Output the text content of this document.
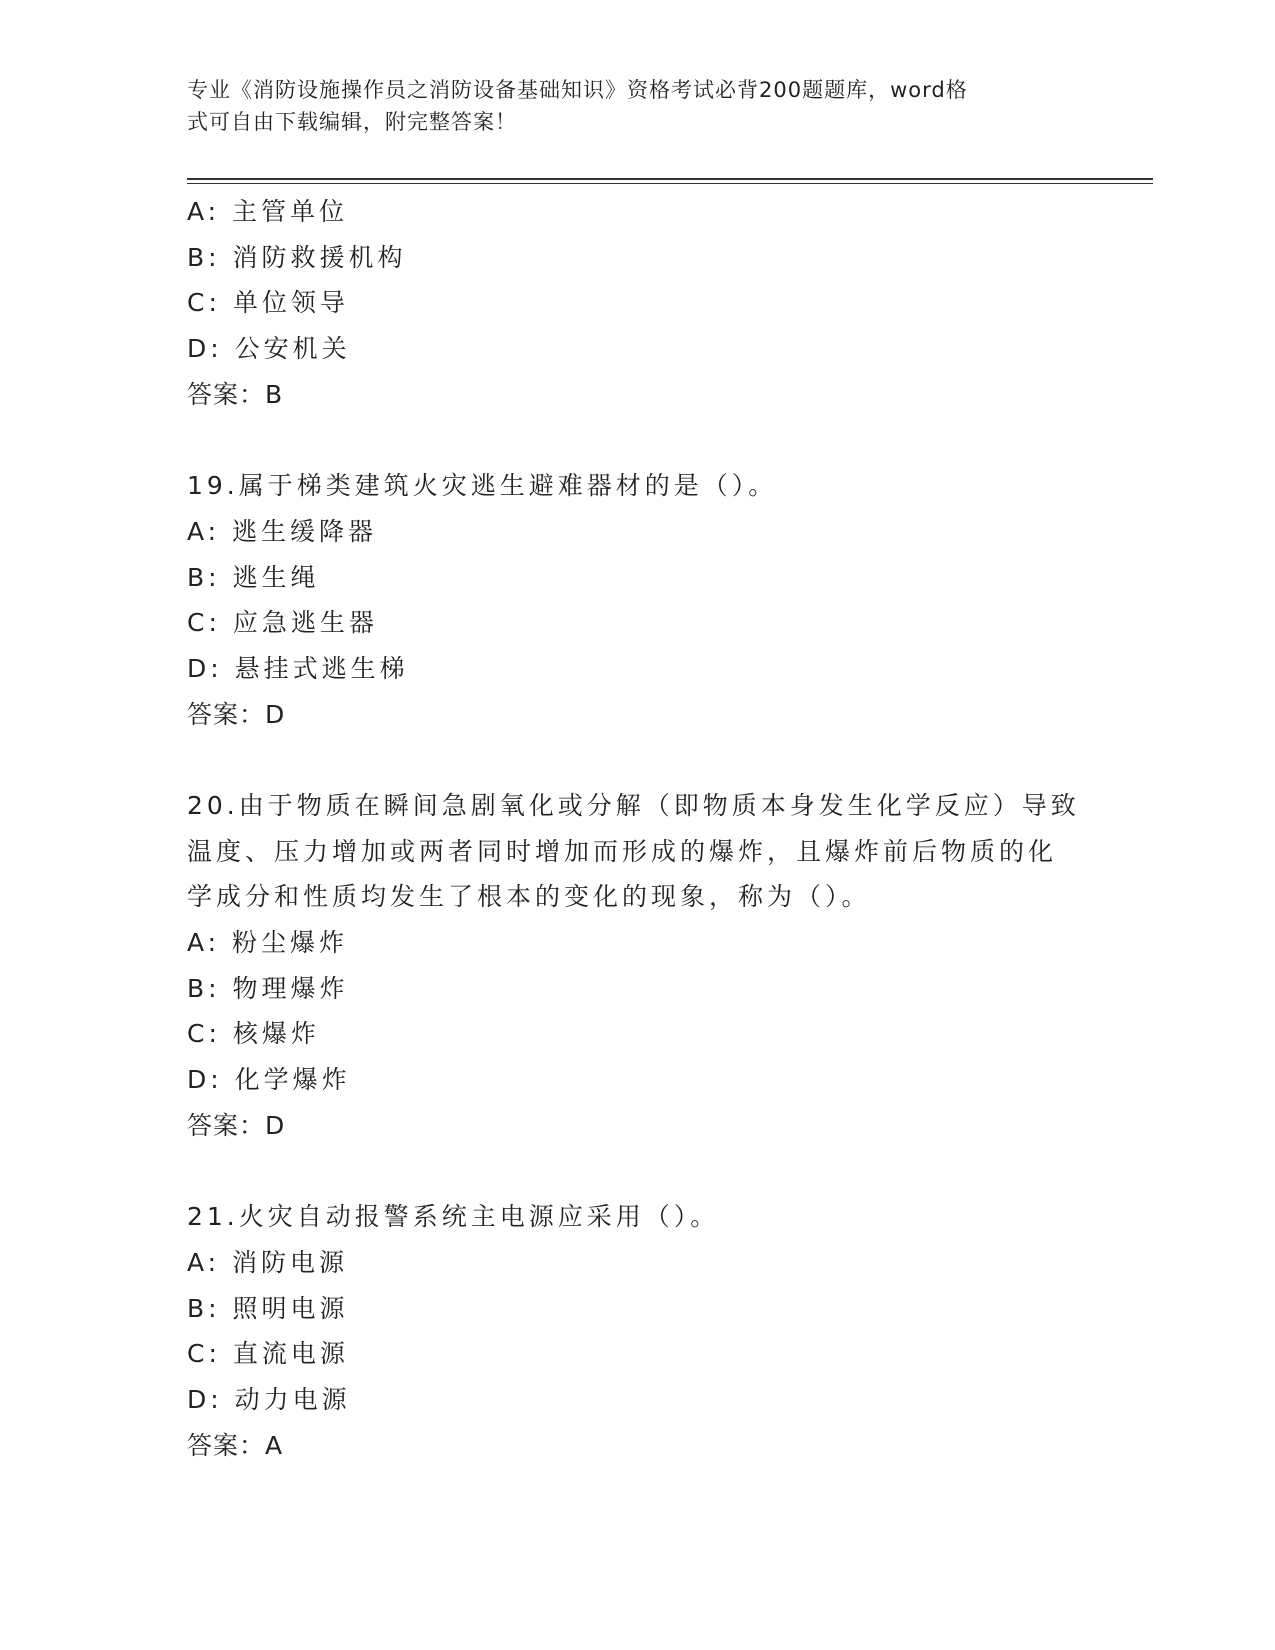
专业《消防设施操作员之消防设备基础知识》资格考试必背200题题库，word格

式可自由下载编辑，附完整答案！

A: 主管单位
B: 消防救援机构
C: 单位领导
D: 公安机关
答案：B
19.属于梯类建筑火灾逃生避难器材的是（）。
A: 逃生缓降器
B: 逃生绳
C: 应急逃生器
D: 悬挂式逃生梯
答案：D
20.由于物质在瞬间急剧氧化或分解（即物质本身发生化学反应）导致
温度、压力增加或两者同时增加而形成的爆炸，且爆炸前后物质的化
学成分和性质均发生了根本的变化的现象，称为（）。
A: 粉尘爆炸
B: 物理爆炸
C: 核爆炸
D: 化学爆炸
答案：D
21.火灾自动报警系统主电源应采用（）。
A: 消防电源
B: 照明电源
C: 直流电源
D: 动力电源
答案：A
